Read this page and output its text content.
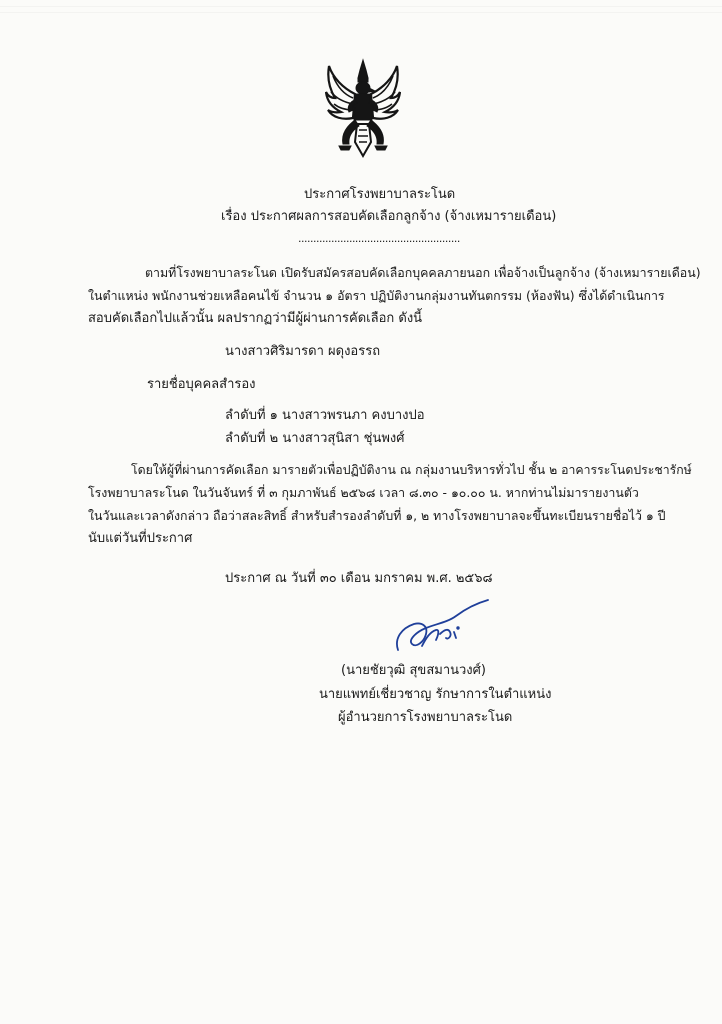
ประกาศโรงพยาบาลระโนด
เรื่อง ประกาศผลการสอบคัดเลือกลูกจ้าง (จ้างเหมารายเดือน)
......................................................
ตามที่โรงพยาบาลระโนด เปิดรับสมัครสอบคัดเลือกบุคคลภายนอก เพื่อจ้างเป็นลูกจ้าง (จ้างเหมารายเดือน)
ในตำแหน่ง พนักงานช่วยเหลือคนไข้ จำนวน ๑ อัตรา ปฏิบัติงานกลุ่มงานทันตกรรม (ห้องฟัน) ซึ่งได้ดำเนินการ
สอบคัดเลือกไปแล้วนั้น ผลปรากฏว่ามีผู้ผ่านการคัดเลือก ดังนี้
นางสาวศิริมารดา ผดุงอรรถ
รายชื่อบุคคลสำรอง
ลำดับที่ ๑ นางสาวพรนภา คงบางปอ
ลำดับที่ ๒ นางสาวสุนิสา ชุ่นพงศ์
โดยให้ผู้ที่ผ่านการคัดเลือก มารายตัวเพื่อปฏิบัติงาน ณ กลุ่มงานบริหารทั่วไป ชั้น ๒ อาคารระโนดประชารักษ์
โรงพยาบาลระโนด ในวันจันทร์ ที่ ๓ กุมภาพันธ์ ๒๕๖๘ เวลา ๘.๓๐ - ๑๐.๐๐ น. หากท่านไม่มารายงานตัว
ในวันและเวลาดังกล่าว ถือว่าสละสิทธิ์ สำหรับสำรองลำดับที่ ๑, ๒ ทางโรงพยาบาลจะขึ้นทะเบียนรายชื่อไว้ ๑ ปี
นับแต่วันที่ประกาศ
ประกาศ ณ วันที่ ๓๐ เดือน มกราคม พ.ศ. ๒๕๖๘
(นายชัยวุฒิ สุขสมานวงศ์)
นายแพทย์เชี่ยวชาญ รักษาการในตำแหน่ง
ผู้อำนวยการโรงพยาบาลระโนด
